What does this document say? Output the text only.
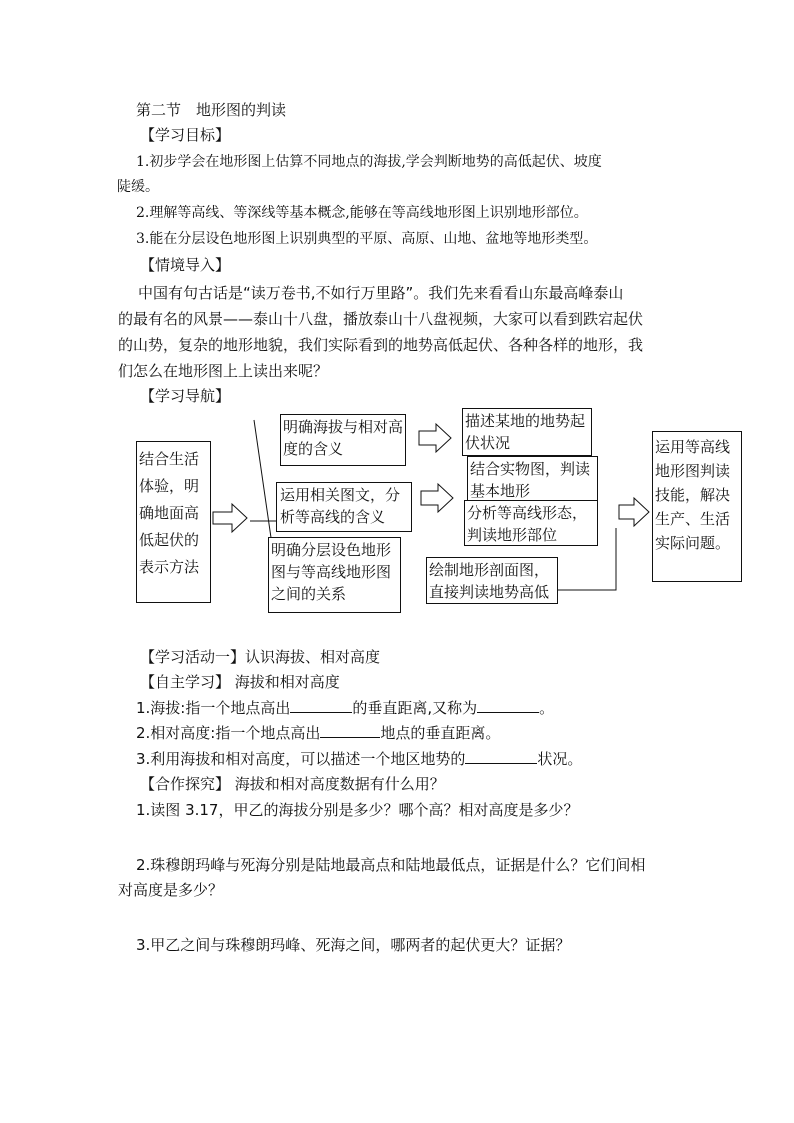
第二节　地形图的判读
【学习目标】
1.初步学会在地形图上估算不同地点的海拔,学会判断地势的高低起伏、坡度
陡缓。
2.理解等高线、等深线等基本概念,能够在等高线地形图上识别地形部位。
3.能在分层设色地形图上识别典型的平原、高原、山地、盆地等地形类型。
【情境导入】
中国有句古话是“读万卷书,不如行万里路”。我们先来看看山东最高峰泰山
的最有名的风景——泰山十八盘，播放泰山十八盘视频，大家可以看到跌宕起伏
的山势，复杂的地形地貌，我们实际看到的地势高低起伏、各种各样的地形，我
们怎么在地形图上上读出来呢？
【学习导航】
结合生活体验，明确地面高低起伏的表示方法
明确海拔与相对高度的含义
运用相关图文，分析等高线的含义
明确分层设色地形图与等高线地形图之间的关系
描述某地的地势起伏状况
结合实物图，判读基本地形
分析等高线形态，判读地形部位
绘制地形剖面图，直接判读地势高低
运用等高线地形图判读技能，解决生产、生活实际问题。
【学习活动一】认识海拔、相对高度
【自主学习】 海拔和相对高度
1.海拔:指一个地点高出	的垂直距离,又称为	。
2.相对高度:指一个地点高出	地点的垂直距离。
3.利用海拔和相对高度，可以描述一个地区地势的	状况。
【合作探究】 海拔和相对高度数据有什么用？
1.读图 3.17，甲乙的海拔分别是多少？哪个高？相对高度是多少？
2.珠穆朗玛峰与死海分别是陆地最高点和陆地最低点，证据是什么？它们间相
对高度是多少？
3.甲乙之间与珠穆朗玛峰、死海之间，哪两者的起伏更大？证据？
